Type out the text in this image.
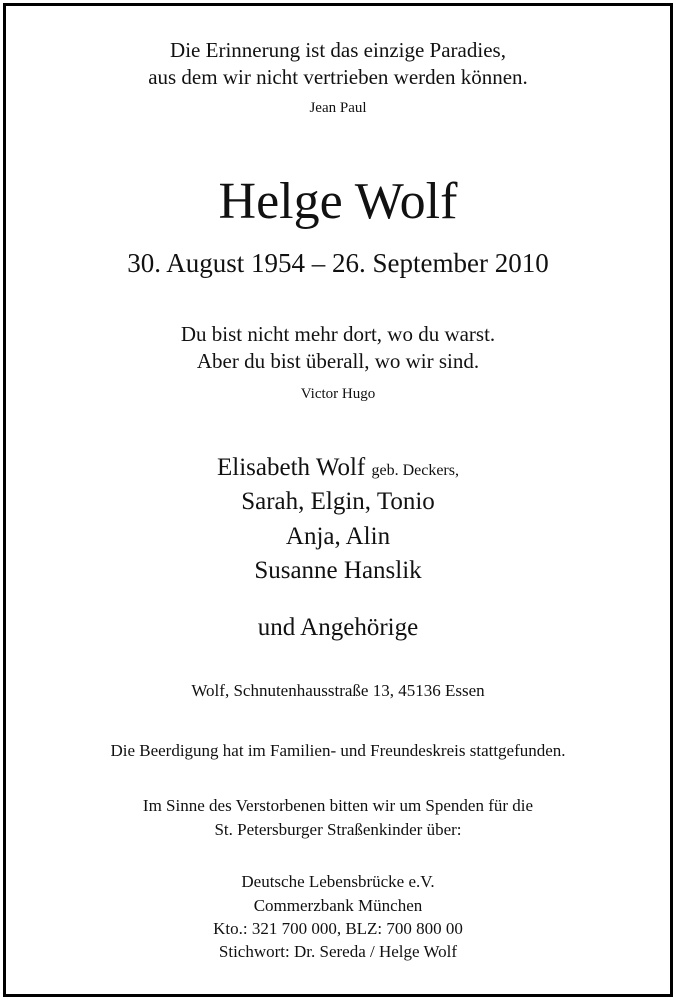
Die Erinnerung ist das einzige Paradies,
aus dem wir nicht vertrieben werden können.
Jean Paul
Helge Wolf
30. August 1954 – 26. September 2010
Du bist nicht mehr dort, wo du warst.
Aber du bist überall, wo wir sind.
Victor Hugo
Elisabeth Wolf geb. Deckers,
Sarah, Elgin, Tonio
Anja, Alin
Susanne Hanslik
und Angehörige
Wolf, Schnutenhausstraße 13, 45136 Essen
Die Beerdigung hat im Familien- und Freundeskreis stattgefunden.
Im Sinne des Verstorbenen bitten wir um Spenden für die
St. Petersburger Straßenkinder über:
Deutsche Lebensbrücke e.V.
Commerzbank München
Kto.: 321 700 000, BLZ: 700 800 00
Stichwort: Dr. Sereda / Helge Wolf
